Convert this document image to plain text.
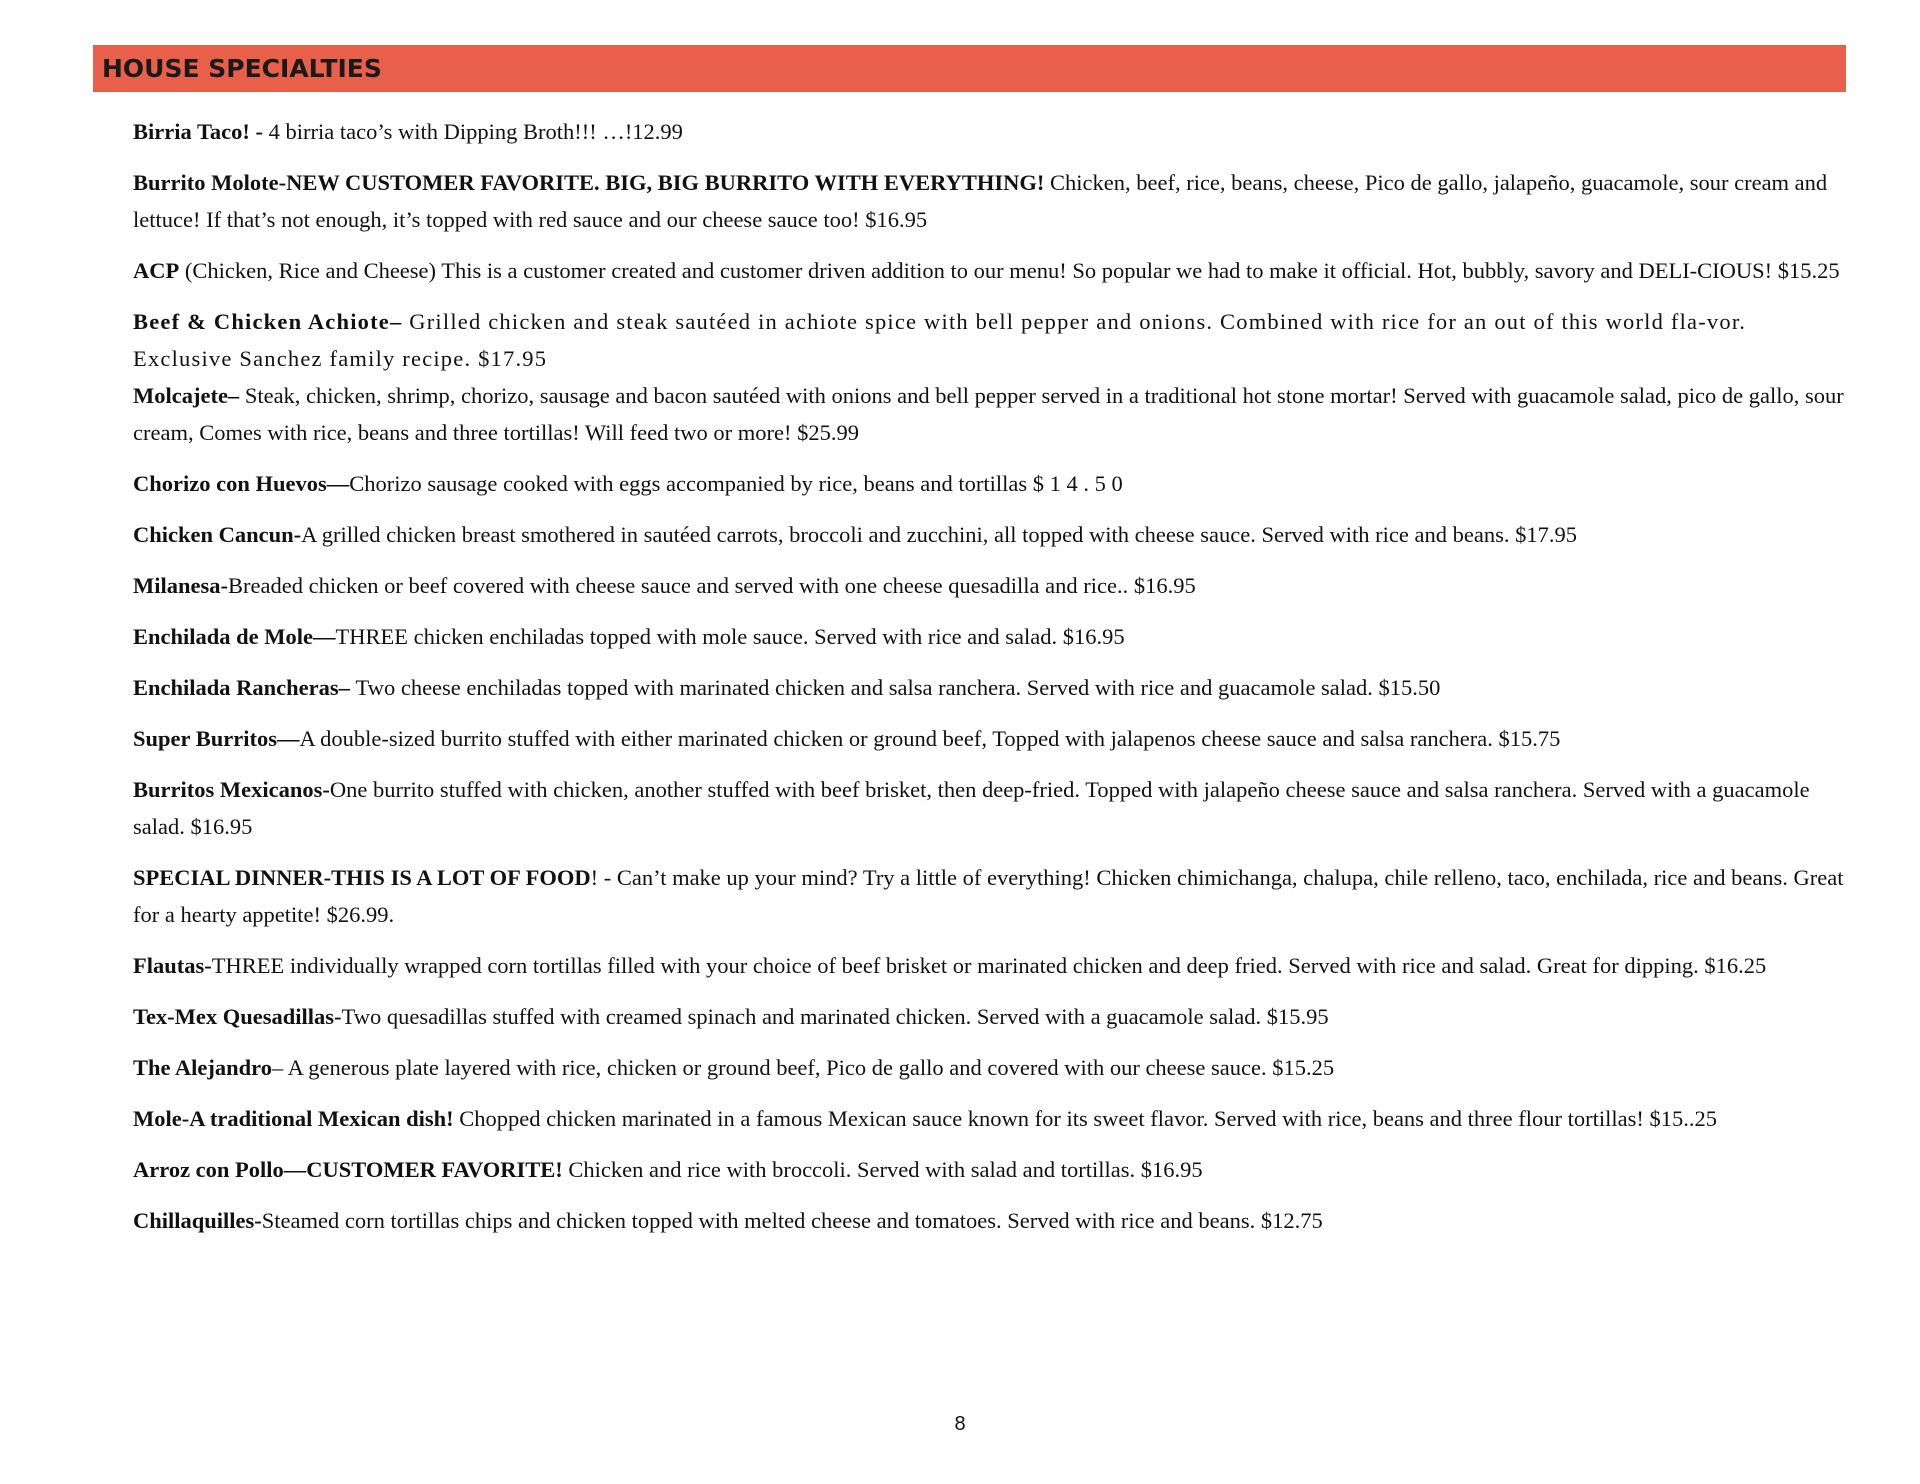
HOUSE SPECIALTIES

Birria Taco! - 4 birria taco’s with Dipping Broth!!! …!12.99

Burrito Molote-NEW CUSTOMER FAVORITE. BIG, BIG BURRITO WITH EVERYTHING! Chicken, beef, rice, beans, cheese, Pico de gallo, jalapeño, guacamole, sour cream and lettuce! If that’s not enough, it’s topped with red sauce and our cheese sauce too! $16.95

ACP (Chicken, Rice and Cheese) This is a customer created and customer driven addition to our menu! So popular we had to make it official. Hot, bubbly, savory and DELI-CIOUS! $15.25

Beef & Chicken Achiote– Grilled chicken and steak sautéed in achiote spice with bell pepper and onions. Combined with rice for an out of this world fla-vor. Exclusive Sanchez family recipe. $17.95

Molcajete– Steak, chicken, shrimp, chorizo, sausage and bacon sautéed with onions and bell pepper served in a traditional hot stone mortar! Served with guacamole salad, pico de gallo, sour cream, Comes with rice, beans and three tortillas! Will feed two or more! $25.99

Chorizo con Huevos—Chorizo sausage cooked with eggs accompanied by rice, beans and tortillas $ 1 4 . 5 0

Chicken Cancun-A grilled chicken breast smothered in sautéed carrots, broccoli and zucchini, all topped with cheese sauce. Served with rice and beans. $17.95

Milanesa-Breaded chicken or beef covered with cheese sauce and served with one cheese quesadilla and rice.. $16.95

Enchilada de Mole—THREE chicken enchiladas topped with mole sauce. Served with rice and salad. $16.95

Enchilada Rancheras– Two cheese enchiladas topped with marinated chicken and salsa ranchera. Served with rice and guacamole salad. $15.50

Super Burritos—A double-sized burrito stuffed with either marinated chicken or ground beef, Topped with jalapenos cheese sauce and salsa ranchera. $15.75

Burritos Mexicanos-One burrito stuffed with chicken, another stuffed with beef brisket, then deep-fried. Topped with jalapeño cheese sauce and salsa ranchera. Served with a guacamole salad. $16.95

SPECIAL DINNER-THIS IS A LOT OF FOOD! - Can’t make up your mind? Try a little of everything! Chicken chimichanga, chalupa, chile relleno, taco, enchilada, rice and beans. Great for a hearty appetite! $26.99.

Flautas-THREE individually wrapped corn tortillas filled with your choice of beef brisket or marinated chicken and deep fried. Served with rice and salad. Great for dipping. $16.25

Tex-Mex Quesadillas-Two quesadillas stuffed with creamed spinach and marinated chicken. Served with a guacamole salad. $15.95

The Alejandro– A generous plate layered with rice, chicken or ground beef, Pico de gallo and covered with our cheese sauce. $15.25

Mole-A traditional Mexican dish! Chopped chicken marinated in a famous Mexican sauce known for its sweet flavor. Served with rice, beans and three flour tortillas! $15..25

Arroz con Pollo—CUSTOMER FAVORITE! Chicken and rice with broccoli. Served with salad and tortillas. $16.95

Chillaquilles-Steamed corn tortillas chips and chicken topped with melted cheese and tomatoes. Served with rice and beans. $12.75

8
